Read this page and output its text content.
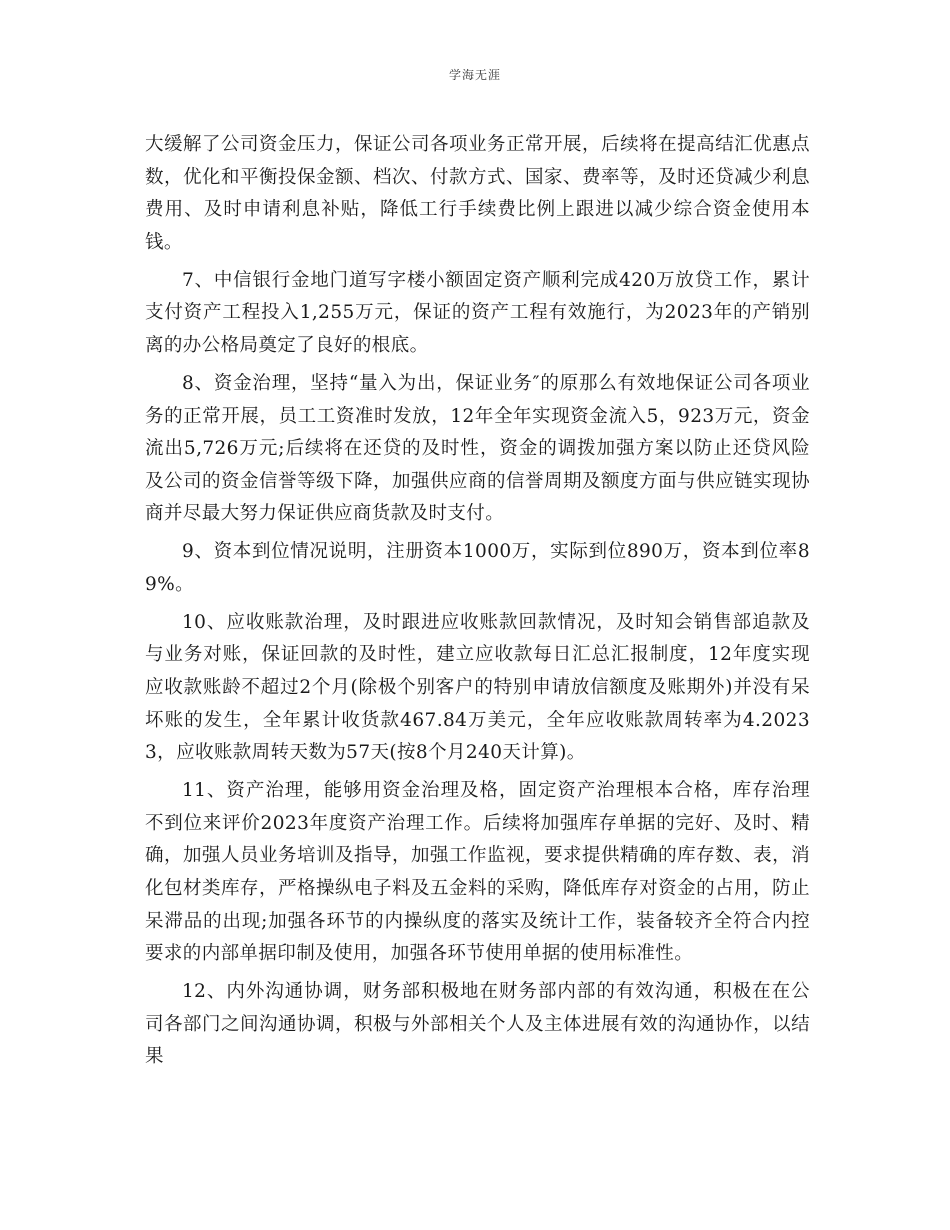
学海无涯

大缓解了公司资金压力，保证公司各项业务正常开展，后续将在提高结汇优惠点数，优化和平衡投保金额、档次、付款方式、国家、费率等，及时还贷减少利息费用、及时申请利息补贴，降低工行手续费比例上跟进以减少综合资金使用本钱。

7、中信银行金地门道写字楼小额固定资产顺利完成420万放贷工作，累计支付资产工程投入1,255万元，保证的资产工程有效施行，为2023年的产销别离的办公格局奠定了良好的根底。

8、资金治理，坚持“量入为出，保证业务″的原那么有效地保证公司各项业务的正常开展，员工工资准时发放，12年全年实现资金流入5，923万元，资金流出5,726万元;后续将在还贷的及时性，资金的调拨加强方案以防止还贷风险及公司的资金信誉等级下降，加强供应商的信誉周期及额度方面与供应链实现协商并尽最大努力保证供应商货款及时支付。

9、资本到位情况说明，注册资本1000万，实际到位890万，资本到位率89%。

10、应收账款治理，及时跟进应收账款回款情况，及时知会销售部追款及与业务对账，保证回款的及时性，建立应收款每日汇总汇报制度，12年度实现应收款账龄不超过2个月(除极个别客户的特别申请放信额度及账期外)并没有呆坏账的发生，全年累计收货款467.84万美元，全年应收账款周转率为4.20233，应收账款周转天数为57天(按8个月240天计算)。

11、资产治理，能够用资金治理及格，固定资产治理根本合格，库存治理不到位来评价2023年度资产治理工作。后续将加强库存单据的完好、及时、精确，加强人员业务培训及指导，加强工作监视，要求提供精确的库存数、表，消化包材类库存，严格操纵电子料及五金料的采购，降低库存对资金的占用，防止呆滞品的出现;加强各环节的内操纵度的落实及统计工作，装备较齐全符合内控要求的内部单据印制及使用，加强各环节使用单据的使用标准性。

12、内外沟通协调，财务部积极地在财务部内部的有效沟通，积极在在公司各部门之间沟通协调，积极与外部相关个人及主体进展有效的沟通协作，以结果
